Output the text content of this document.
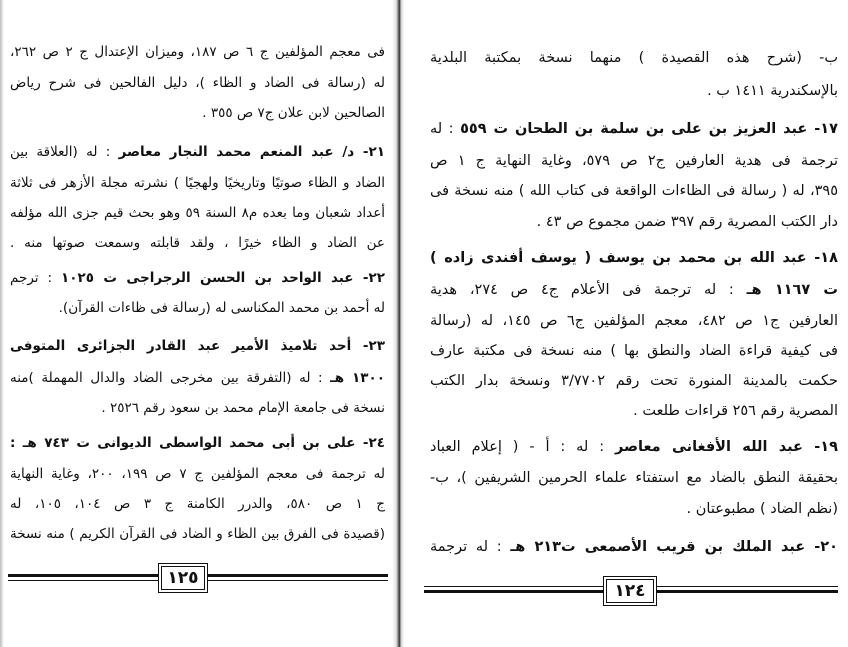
فى معجم المؤلفين ج ٦ ص ١٨٧، وميزان الإعتدال ج ٢ ص ٢٦٢،
له (رسالة فى الضاد و الظاء )، دليل الفالحين فى شرح رياض
الصالحين لابن علان ج٧ ص ٣٥٥ .
٢١- د/ عبد المنعم محمد النجار معاصر : له (العلاقة بين
الضاد و الظاء صوتيًا وتاريخيًا ولهجيًا ) نشرته مجلة الأزهر فى ثلاثة
أعداد شعبان وما بعده م٨ السنة ٥٩ وهو بحث قيم جزى الله مؤلفه
عن الضاد و الظاء خيرًا ، ولقد قابلته وسمعت صوتها منه .
٢٢- عبد الواحد بن الحسن الرجراجى ت ١٠٢٥ : ترجم
له أحمد بن محمد المكناسى له (رسالة فى ظاءات القرآن).
٢٣- أحد تلاميذ الأمير عبد القادر الجزائرى المتوفى
١٣٠٠ هـ : له (التفرقة بين مخرجى الضاد والدال المهملة )منه
نسخة فى جامعة الإمام محمد بن سعود رقم ٢٥٢٦ .
٢٤- على بن أبى محمد الواسطى الديوانى ت ٧٤٣ هـ :
له ترجمة فى معجم المؤلفين ج ٧ ص ١٩٩، ٢٠٠، وغاية النهاية
ج ١ ص ٥٨٠، والدرر الكامنة ج ٣ ص ١٠٤، ١٠٥، له
(قصيدة فى الفرق بين الظاء و الضاد فى القرآن الكريم ) منه نسخة
١٢٥
ب- (شرح هذه القصيدة ) منهما نسخة بمكتبة البلدية
بالإسكندرية ١٤١١ ب .
١٧- عبد العزيز بن على بن سلمة بن الطحان ت ٥٥٩ : له
ترجمة فى هدية العارفين ج٢ ص ٥٧٩، وغاية النهاية ج ١ ص
٣٩٥، له ( رسالة فى الظاءات الواقعة فى كتاب الله ) منه نسخة فى
دار الكتب المصرية رقم ٣٩٧ ضمن مجموع ص ٤٣ .
١٨- عبد الله بن محمد بن يوسف ( يوسف أفندى زاده )
ت ١١٦٧ هـ : له ترجمة فى الأعلام ج٤ ص ٢٧٤، هدية
العارفين ج١ ص ٤٨٢، معجم المؤلفين ج٦ ص ١٤٥، له (رسالة
فى كيفية قراءة الضاد والنطق بها ) منه نسخة فى مكتبة عارف
حكمت بالمدينة المنورة تحت رقم ٣/٧٧٠٢ ونسخة بدار الكتب
المصرية رقم ٢٥٦ قراءات طلعت .
١٩- عبد الله الأفغانى معاصر : له : أ - ( إعلام العباد
بحقيقة النطق بالضاد مع استفتاء علماء الحرمين الشريفين )، ب-
(نظم الضاد ) مطبوعتان .
٢٠- عبد الملك بن قريب الأصمعى ت٢١٣ هـ : له ترجمة
١٢٤
